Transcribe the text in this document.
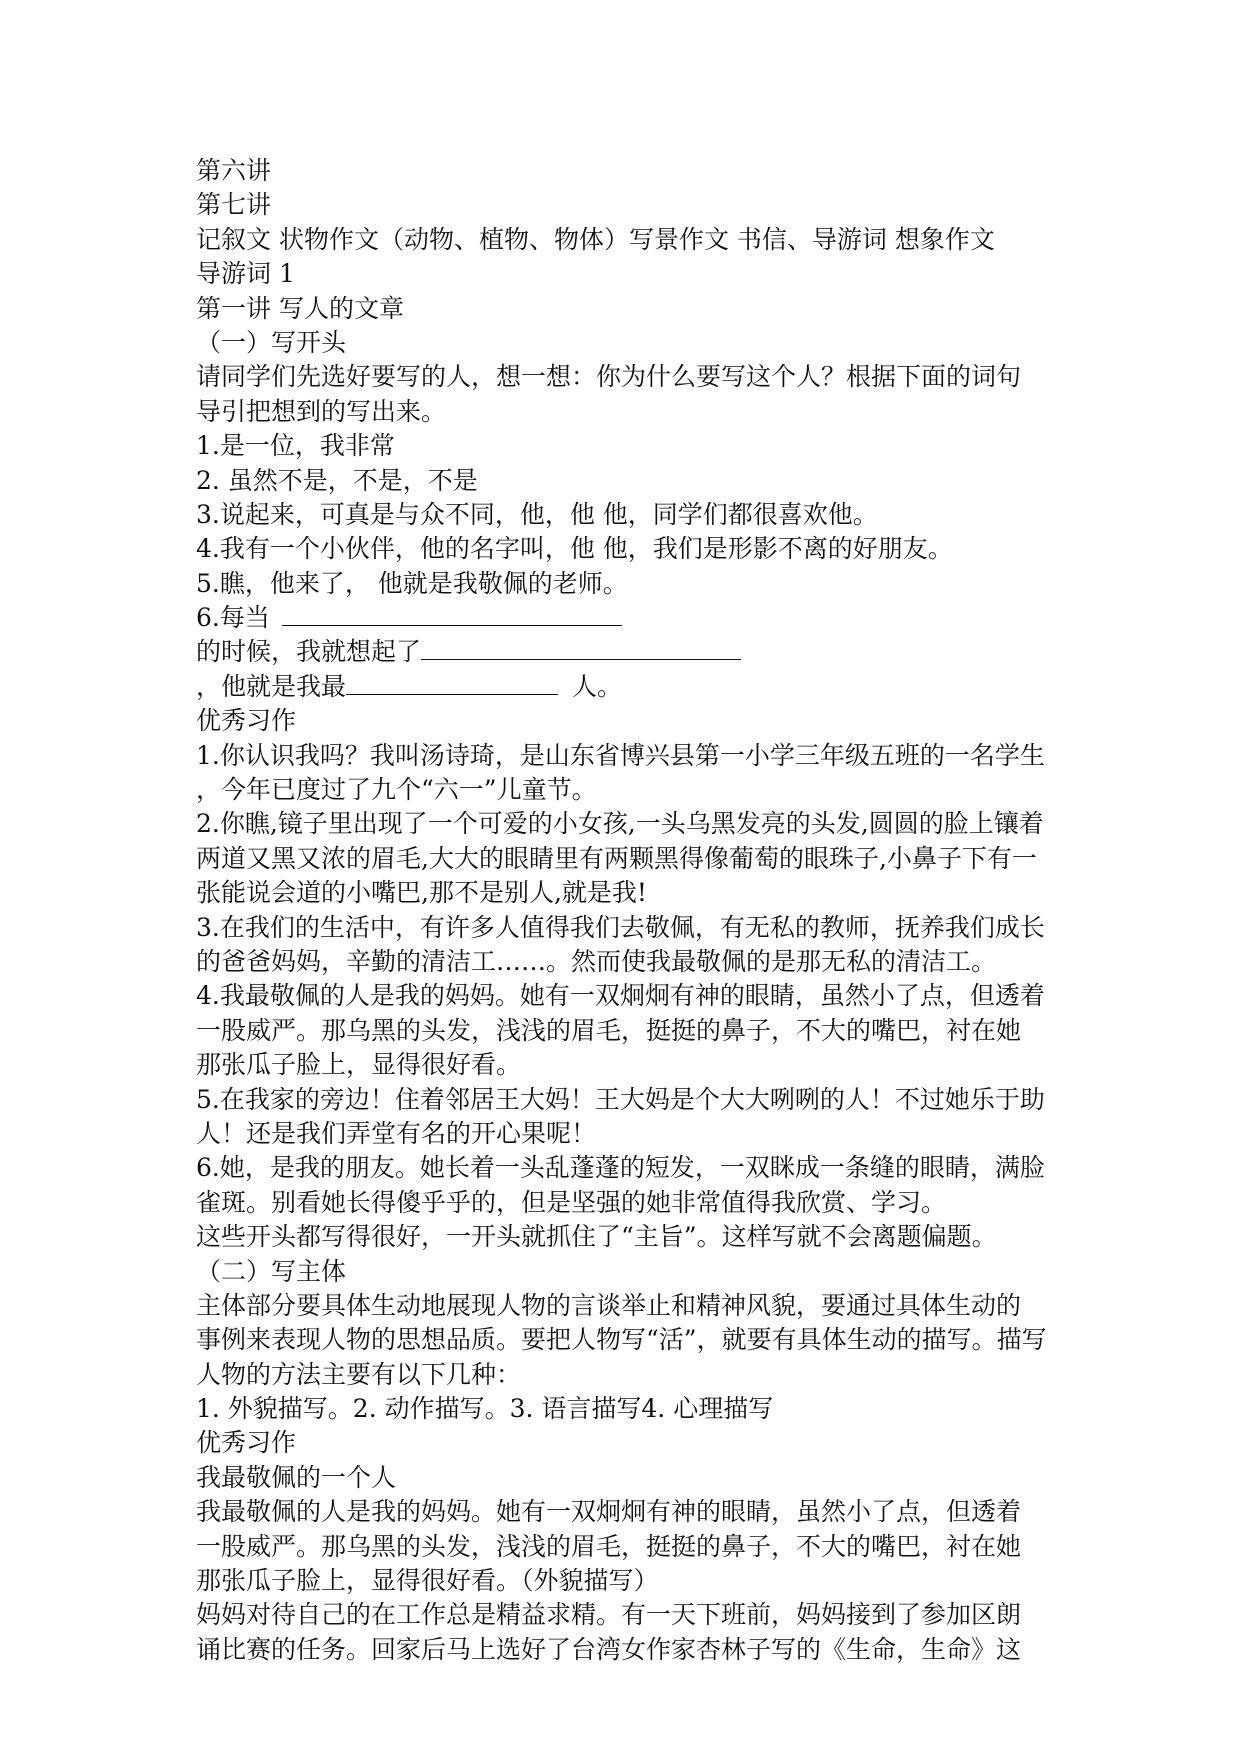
第六讲
第七讲
记叙文 状物作文（动物、植物、物体）写景作文 书信、导游词 想象作文
导游词 1
第一讲 写人的文章
（一）写开头
请同学们先选好要写的人，想一想：你为什么要写这个人？根据下面的词句
导引把想到的写出来。
1.是一位，我非常
2. 虽然不是，不是，不是
3.说起来，可真是与众不同，他，他 他，同学们都很喜欢他。
4.我有一个小伙伴，他的名字叫，他 他，我们是形影不离的好朋友。
5.瞧，他来了， 他就是我敬佩的老师。
6.每当
的时候，我就想起了
，他就是我最	人。
优秀习作
1.你认识我吗？我叫汤诗琦，是山东省博兴县第一小学三年级五班的一名学生
，今年已度过了九个“六一”儿童节。
2.你瞧,镜子里出现了一个可爱的小女孩,一头乌黑发亮的头发,圆圆的脸上镶着
两道又黑又浓的眉毛,大大的眼睛里有两颗黑得像葡萄的眼珠子,小鼻子下有一
张能说会道的小嘴巴,那不是别人,就是我!
3.在我们的生活中，有许多人值得我们去敬佩，有无私的教师，抚养我们成长
的爸爸妈妈，辛勤的清洁工……。然而使我最敬佩的是那无私的清洁工。
4.我最敬佩的人是我的妈妈。她有一双炯炯有神的眼睛，虽然小了点，但透着
一股威严。那乌黑的头发，浅浅的眉毛，挺挺的鼻子，不大的嘴巴，衬在她
那张瓜子脸上，显得很好看。
5.在我家的旁边！住着邻居王大妈！王大妈是个大大咧咧的人！不过她乐于助
人！还是我们弄堂有名的开心果呢！
6.她，是我的朋友。她长着一头乱蓬蓬的短发，一双眯成一条缝的眼睛，满脸
雀斑。别看她长得傻乎乎的，但是坚强的她非常值得我欣赏、学习。
这些开头都写得很好，一开头就抓住了“主旨”。这样写就不会离题偏题。
（二）写主体
主体部分要具体生动地展现人物的言谈举止和精神风貌，要通过具体生动的
事例来表现人物的思想品质。要把人物写“活”，就要有具体生动的描写。描写
人物的方法主要有以下几种：
1. 外貌描写。2. 动作描写。3. 语言描写4. 心理描写
优秀习作
我最敬佩的一个人
我最敬佩的人是我的妈妈。她有一双炯炯有神的眼睛，虽然小了点，但透着
一股威严。那乌黑的头发，浅浅的眉毛，挺挺的鼻子，不大的嘴巴，衬在她
那张瓜子脸上，显得很好看。（外貌描写）
妈妈对待自己的在工作总是精益求精。有一天下班前，妈妈接到了参加区朗
诵比赛的任务。回家后马上选好了台湾女作家杏林子写的《生命，生命》这
